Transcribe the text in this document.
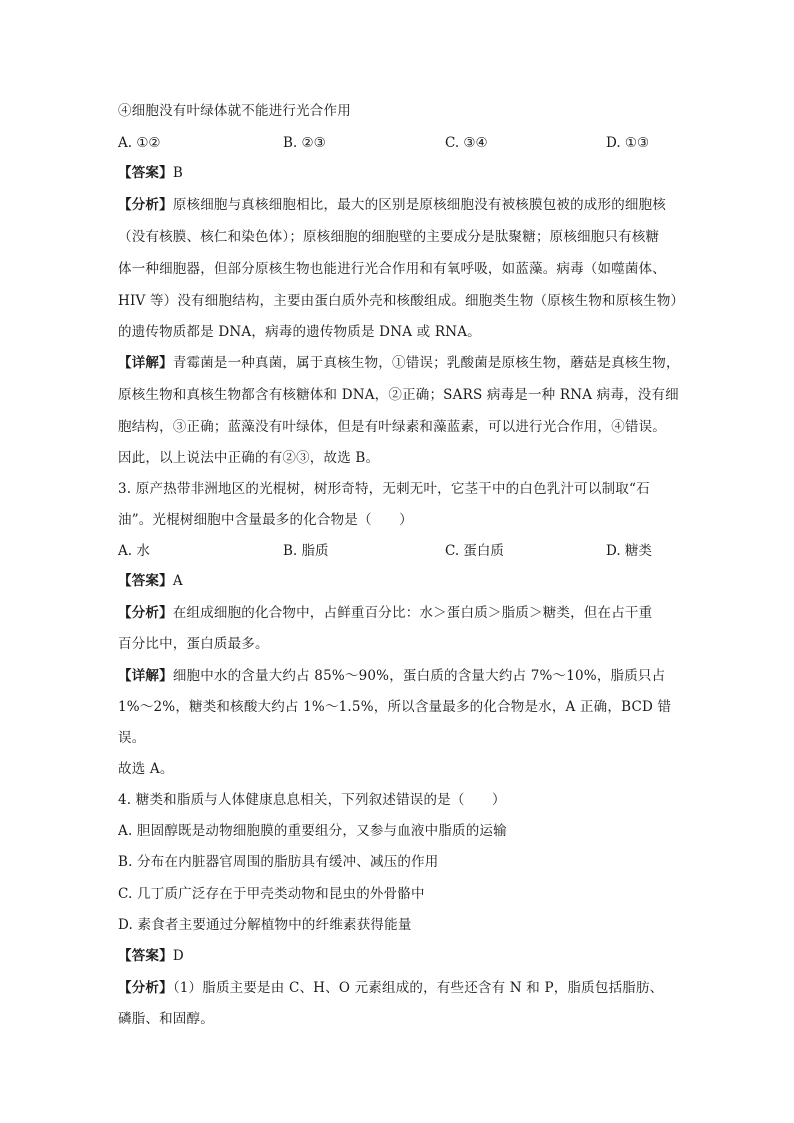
④细胞没有叶绿体就不能进行光合作用
A. ①②	B. ②③	C. ③④	D. ①③
【答案】B
【分析】原核细胞与真核细胞相比，最大的区别是原核细胞没有被核膜包被的成形的细胞核
（没有核膜、核仁和染色体）；原核细胞的细胞壁的主要成分是肽聚糖；原核细胞只有核糖
体一种细胞器，但部分原核生物也能进行光合作用和有氧呼吸，如蓝藻。病毒（如噬菌体、
HIV 等）没有细胞结构，主要由蛋白质外壳和核酸组成。细胞类生物（原核生物和原核生物）
的遗传物质都是 DNA，病毒的遗传物质是 DNA 或 RNA。
【详解】青霉菌是一种真菌，属于真核生物，①错误；乳酸菌是原核生物，蘑菇是真核生物，
原核生物和真核生物都含有核糖体和 DNA，②正确；SARS 病毒是一种 RNA 病毒，没有细
胞结构，③正确；蓝藻没有叶绿体，但是有叶绿素和藻蓝素，可以进行光合作用，④错误。
因此，以上说法中正确的有②③，故选 B。
3. 原产热带非洲地区的光棍树，树形奇特，无刺无叶，它茎干中的白色乳汁可以制取“石
油”。光棍树细胞中含量最多的化合物是（　　）
A. 水	B. 脂质	C. 蛋白质	D. 糖类
【答案】A
【分析】在组成细胞的化合物中，占鲜重百分比：水＞蛋白质＞脂质＞糖类，但在占干重
百分比中，蛋白质最多。
【详解】细胞中水的含量大约占 85%～90%，蛋白质的含量大约占 7%～10%，脂质只占
1%～2%，糖类和核酸大约占 1%～1.5%，所以含量最多的化合物是水，A 正确，BCD 错
误。
故选 A。
4. 糖类和脂质与人体健康息息相关，下列叙述错误的是（　　）
A. 胆固醇既是动物细胞膜的重要组分，又参与血液中脂质的运输
B. 分布在内脏器官周围的脂肪具有缓冲、减压的作用
C. 几丁质广泛存在于甲壳类动物和昆虫的外骨骼中
D. 素食者主要通过分解植物中的纤维素获得能量
【答案】D
【分析】（1）脂质主要是由 C、H、O 元素组成的，有些还含有 N 和 P，脂质包括脂肪、
磷脂、和固醇。
